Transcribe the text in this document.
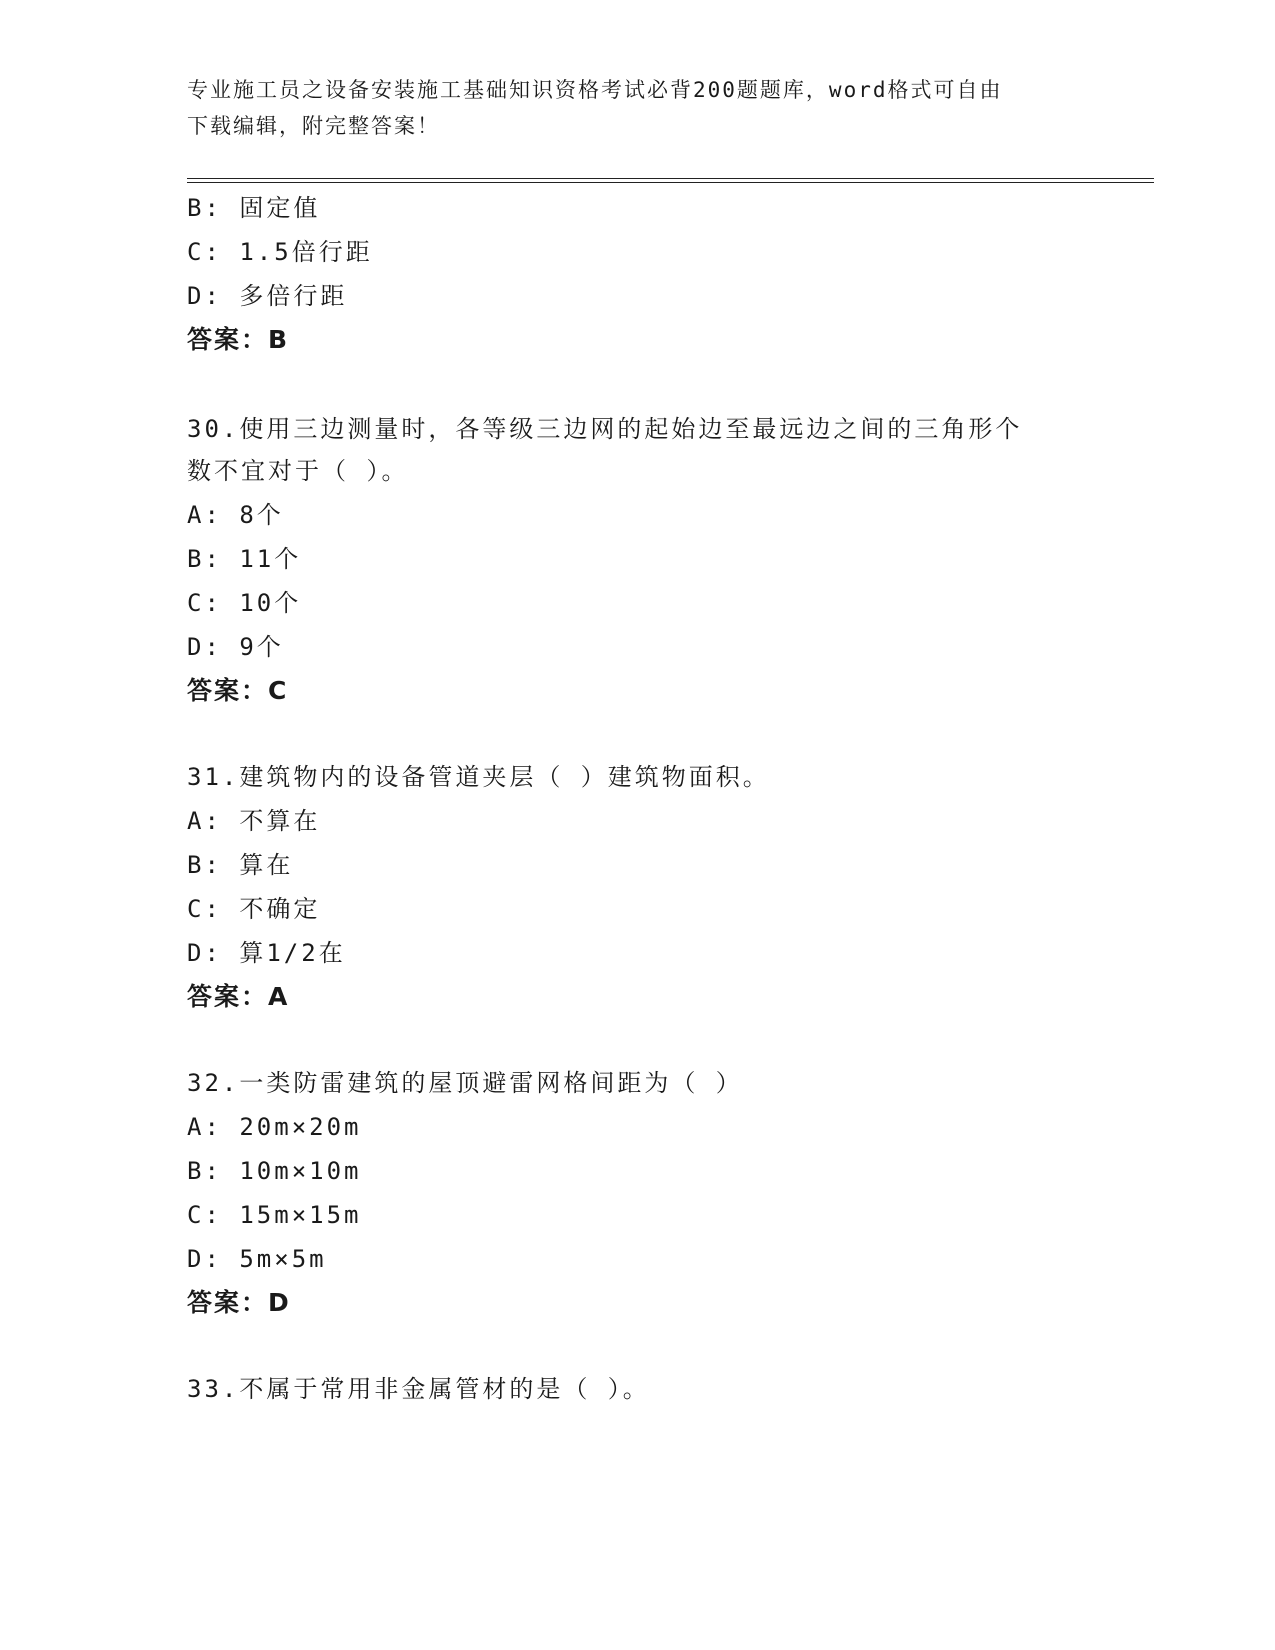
专业施工员之设备安装施工基础知识资格考试必背200题题库，word格式可自由
下载编辑，附完整答案！
B: 固定值
C: 1.5倍行距
D: 多倍行距
答案：B
30.使用三边测量时，各等级三边网的起始边至最远边之间的三角形个
数不宜对于（ ）。
A: 8个
B: 11个
C: 10个
D: 9个
答案：C
31.建筑物内的设备管道夹层（ ）建筑物面积。
A: 不算在
B: 算在
C: 不确定
D: 算1/2在
答案：A
32.一类防雷建筑的屋顶避雷网格间距为（ ）
A: 20m×20m
B: 10m×10m
C: 15m×15m
D: 5m×5m
答案：D
33.不属于常用非金属管材的是（ ）。
